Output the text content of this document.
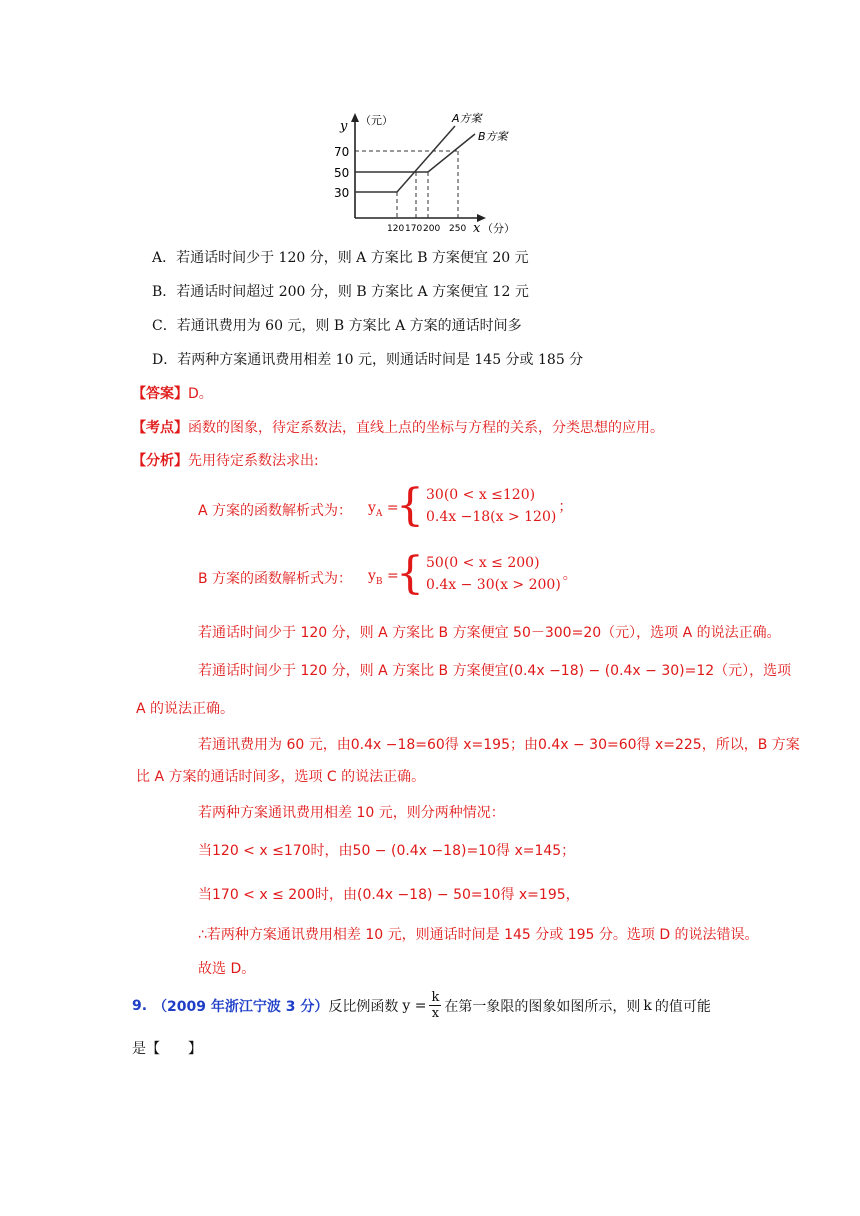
y （元）	A方案
B方案
70
50
30
120 170 200 250 x （分）
A．若通话时间少于 120 分，则 A 方案比 B 方案便宜 20 元
B．若通话时间超过 200 分，则 B 方案比 A 方案便宜 12 元
C．若通讯费用为 60 元，则 B 方案比 A 方案的通话时间多
D．若两种方案通讯费用相差 10 元，则通话时间是 145 分或 185 分
【答案】D。
【考点】函数的图象，待定系数法，直线上点的坐标与方程的关系，分类思想的应用。
【分析】先用待定系数法求出:
A 方案的函数解析式为： $y_A$ =
{ 30(0 < x ≤120)
0.4x −18(x > 120)
；
B 方案的函数解析式为： $y_B$ =
{ 50(0 < x ≤ 200)
0.4x − 30(x > 200)
。
若通话时间少于 120 分，则 A 方案比 B 方案便宜 50－300=20（元），选项 A 的说法正确。
若通话时间少于 120 分，则 A 方案比 B 方案便宜(0.4x −18) − (0.4x − 30)=12（元），选项
A 的说法正确。
若通讯费用为 60 元，由0.4x −18=60得 x=195；由0.4x − 30=60得 x=225，所以，B 方案
比 A 方案的通话时间多，选项 C 的说法正确。
若两种方案通讯费用相差 10 元，则分两种情况：
当120 < x ≤170时，由50 − (0.4x −18)=10得 x=145；
当170 < x ≤ 200时，由(0.4x −18) − 50=10得 x=195，
∴若两种方案通讯费用相差 10 元，则通话时间是 145 分或 195 分。选项 D 的说法错误。
故选 D。
9. （2009 年浙江宁波 3 分） 反比例函数 $y = \frac{k}{x}$ 在第一象限的图象如图所示，则 k 的值可能
是【　　】
